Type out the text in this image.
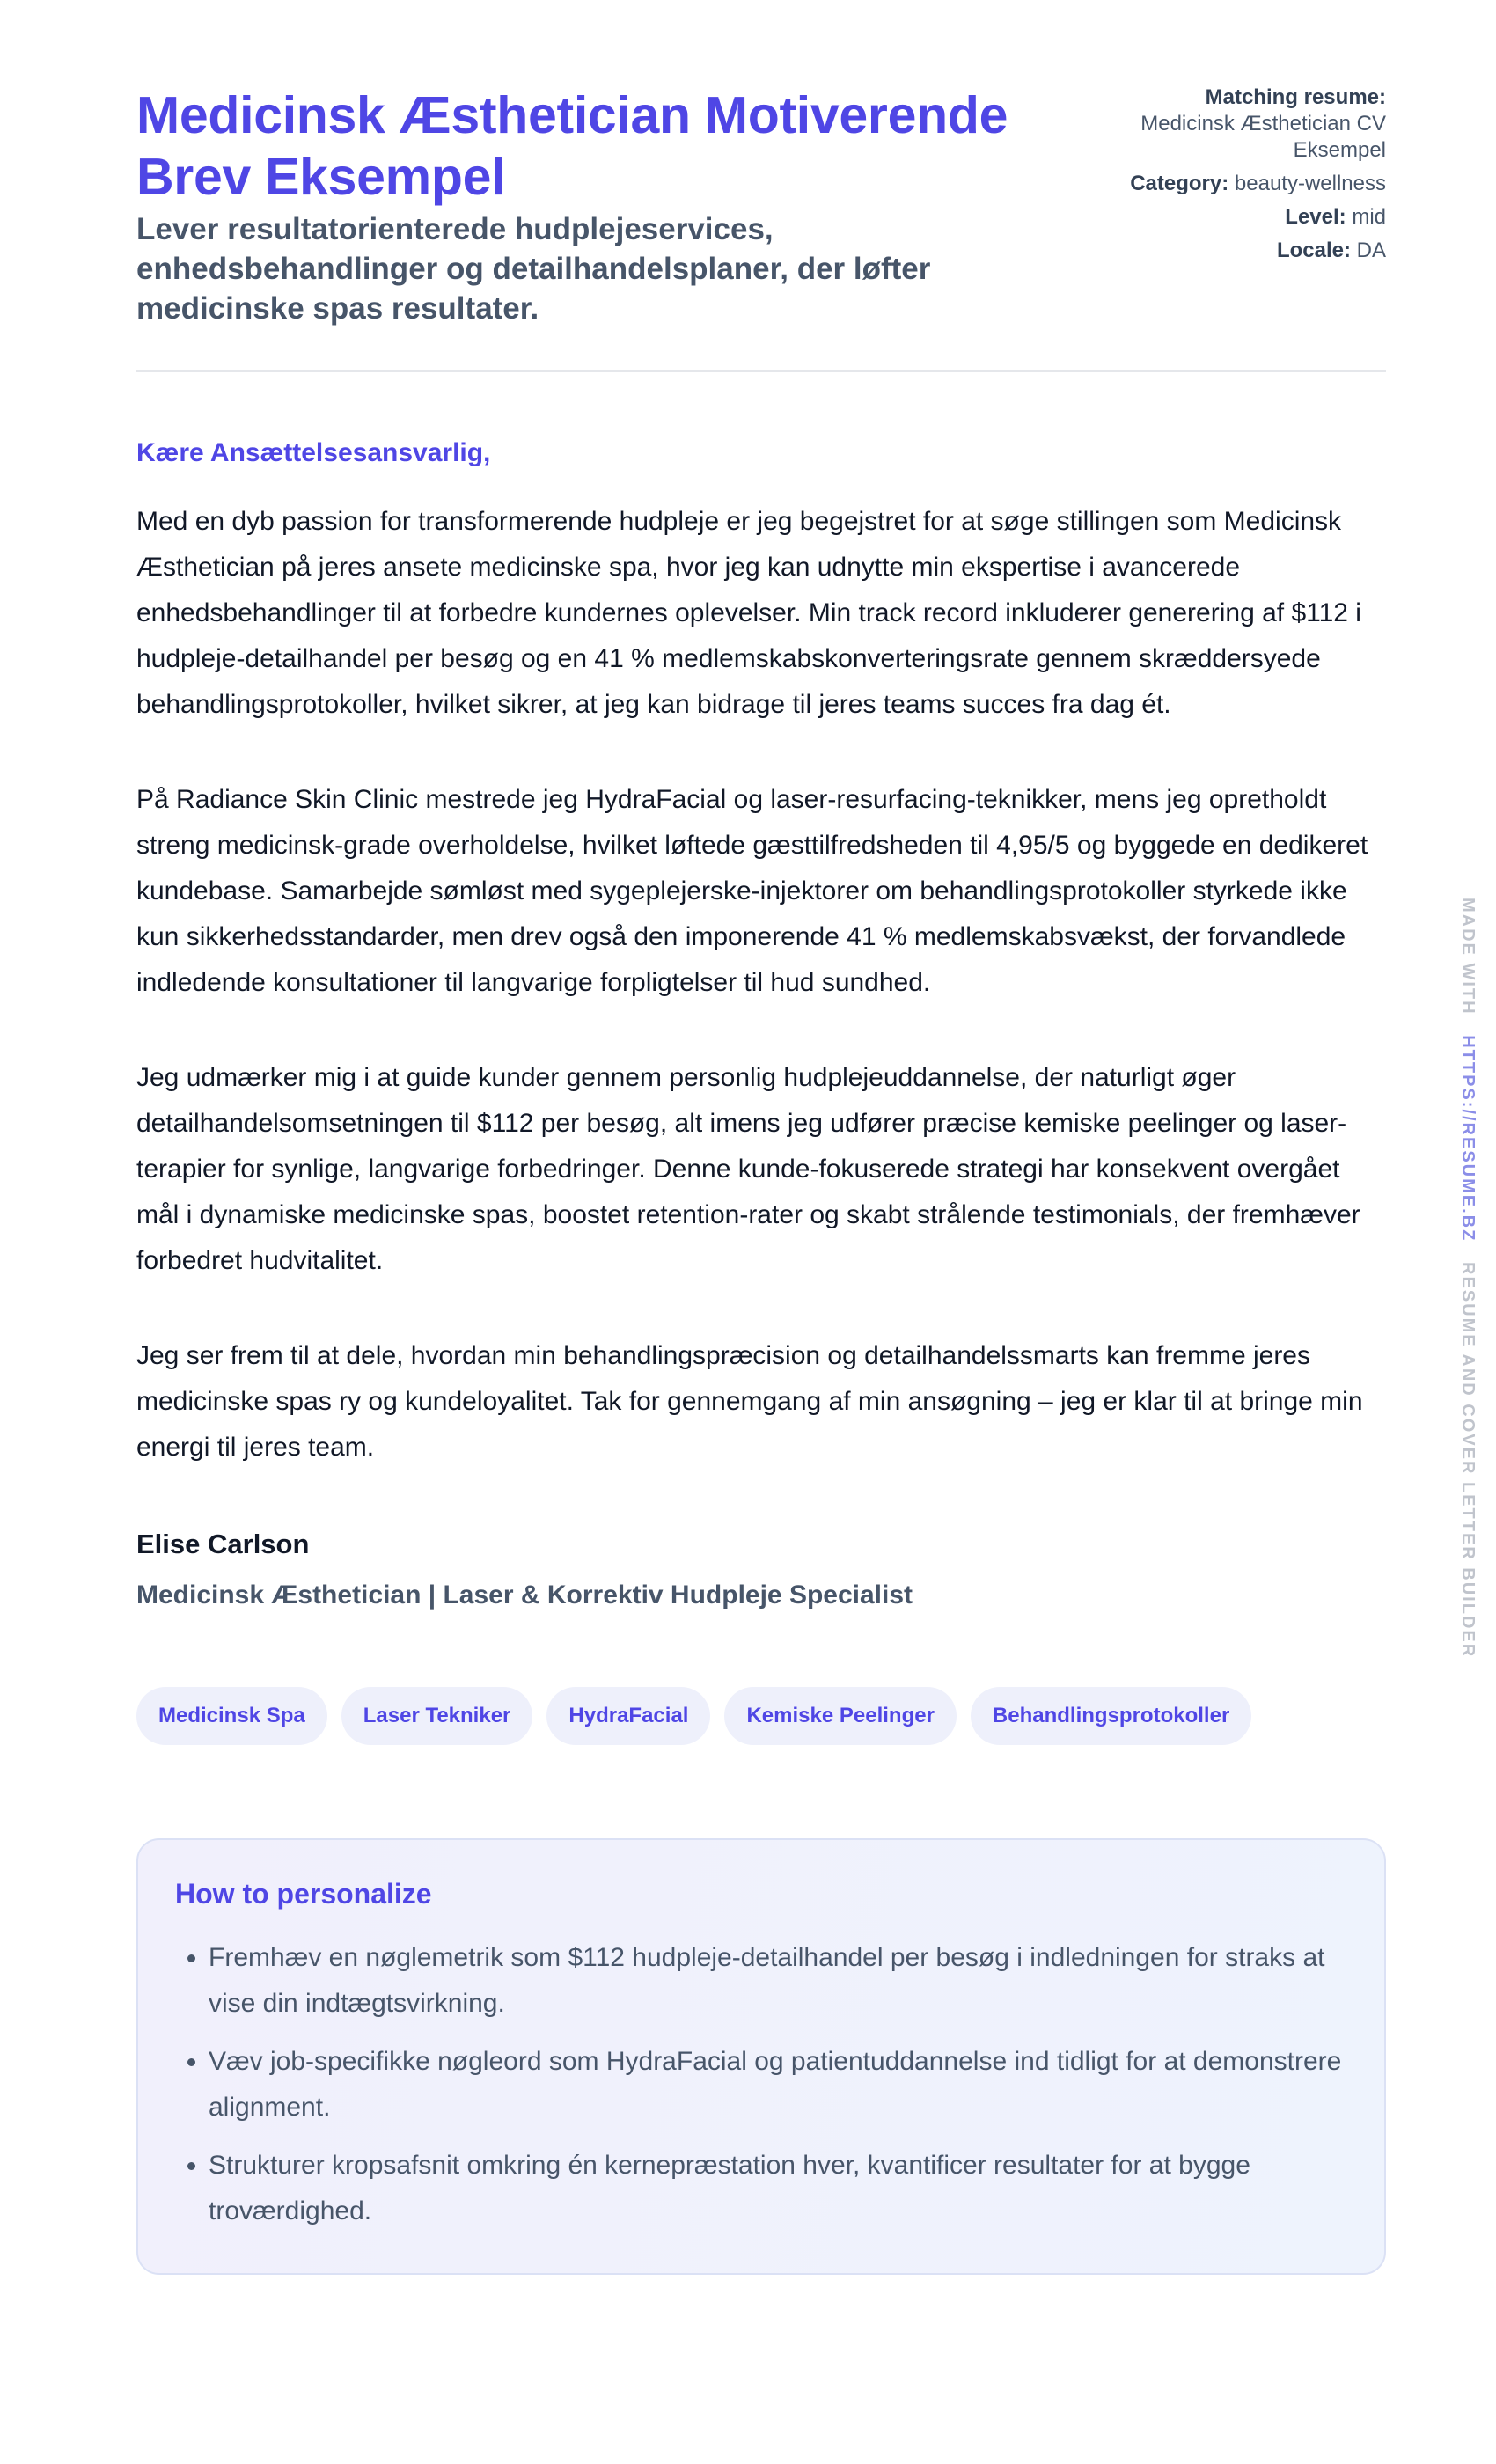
Medicinsk Æsthetician Motiverende Brev Eksempel

Lever resultatorienterede hudplejeservices, enhedsbehandlinger og detailhandelsplaner, der løfter medicinske spas resultater.

Matching resume:
Medicinsk Æsthetician CV Eksempel
Category: beauty-wellness
Level: mid
Locale: DA
Kære Ansættelsesansvarlig,

Med en dyb passion for transformerende hudpleje er jeg begejstret for at søge stillingen som Medicinsk Æsthetician på jeres ansete medicinske spa, hvor jeg kan udnytte min ekspertise i avancerede enhedsbehandlinger til at forbedre kundernes oplevelser. Min track record inkluderer generering af $112 i hudpleje-detailhandel per besøg og en 41 % medlemskabskonverteringsrate gennem skræddersyede behandlingsprotokoller, hvilket sikrer, at jeg kan bidrage til jeres teams succes fra dag ét.

På Radiance Skin Clinic mestrede jeg HydraFacial og laser-resurfacing-teknikker, mens jeg opretholdt streng medicinsk-grade overholdelse, hvilket løftede gæsttilfredsheden til 4,95/5 og byggede en dedikeret kundebase. Samarbejde sømløst med sygeplejerske-injektorer om behandlingsprotokoller styrkede ikke kun sikkerhedsstandarder, men drev også den imponerende 41 % medlemskabsvækst, der forvandlede indledende konsultationer til langvarige forpligtelser til hud sundhed.

Jeg udmærker mig i at guide kunder gennem personlig hudplejeuddannelse, der naturligt øger detailhandelsomsetningen til $112 per besøg, alt imens jeg udfører præcise kemiske peelinger og laser-terapier for synlige, langvarige forbedringer. Denne kunde-fokuserede strategi har konsekvent overgået mål i dynamiske medicinske spas, boostet retention-rater og skabt strålende testimonials, der fremhæver forbedret hudvitalitet.

Jeg ser frem til at dele, hvordan min behandlingspræcision og detailhandelssmarts kan fremme jeres medicinske spas ry og kundeloyalitet. Tak for gennemgang af min ansøgning – jeg er klar til at bringe min energi til jeres team.

Elise Carlson
Medicinsk Æsthetician | Laser & Korrektiv Hudpleje Specialist
Medicinsk Spa	Laser Tekniker	HydraFacial	Kemiske Peelinger	Behandlingsprotokoller
How to personalize
• Fremhæv en nøglemetrik som $112 hudpleje-detailhandel per besøg i indledningen for straks at vise din indtægtsvirkning.
• Væv job-specifikke nøgleord som HydraFacial og patientuddannelse ind tidligt for at demonstrere alignment.
• Strukturer kropsafsnit omkring én kernepræstation hver, kvantificer resultater for at bygge troværdighed.
MADE WITH   HTTPS://RESUME.BZ   RESUME AND COVER LETTER BUILDER
